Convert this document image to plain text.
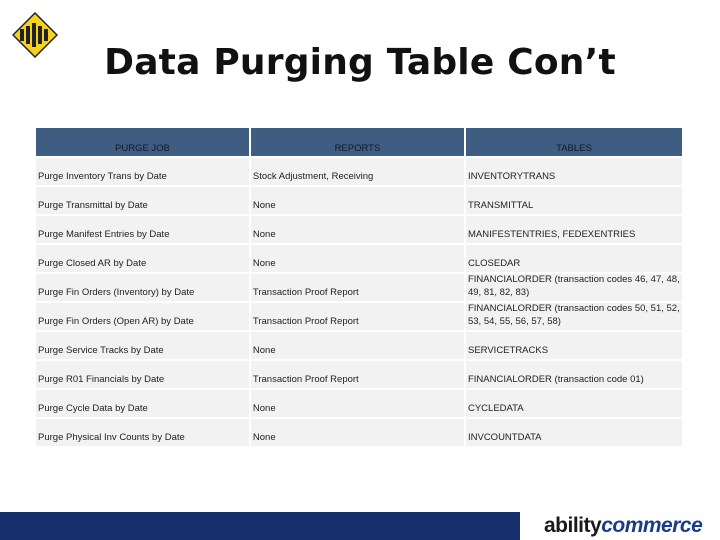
Data Purging Table Con’t
PURGE JOB	REPORTS	TABLES
Purge Inventory Trans by Date	Stock Adjustment, Receiving	INVENTORYTRANS
Purge Transmittal by Date	None	TRANSMITTAL
Purge Manifest Entries by Date	None	MANIFESTENTRIES, FEDEXENTRIES
Purge Closed AR by Date	None	CLOSEDAR
Purge Fin Orders (Inventory) by Date	Transaction Proof Report	FINANCIALORDER (transaction codes 46, 47, 48, 49, 81, 82, 83)

Purge Fin Orders (Open AR) by Date	Transaction Proof Report	FINANCIALORDER (transaction codes 50, 51, 52, 53, 54, 55, 56, 57, 58)

Purge Service Tracks by Date	None	SERVICETRACKS
Purge R01 Financials by Date	Transaction Proof Report	FINANCIALORDER (transaction code 01)
Purge Cycle Data by Date	None	CYCLEDATA
Purge Physical Inv Counts by Date	None	INVCOUNTDATA
abilitycommerce
